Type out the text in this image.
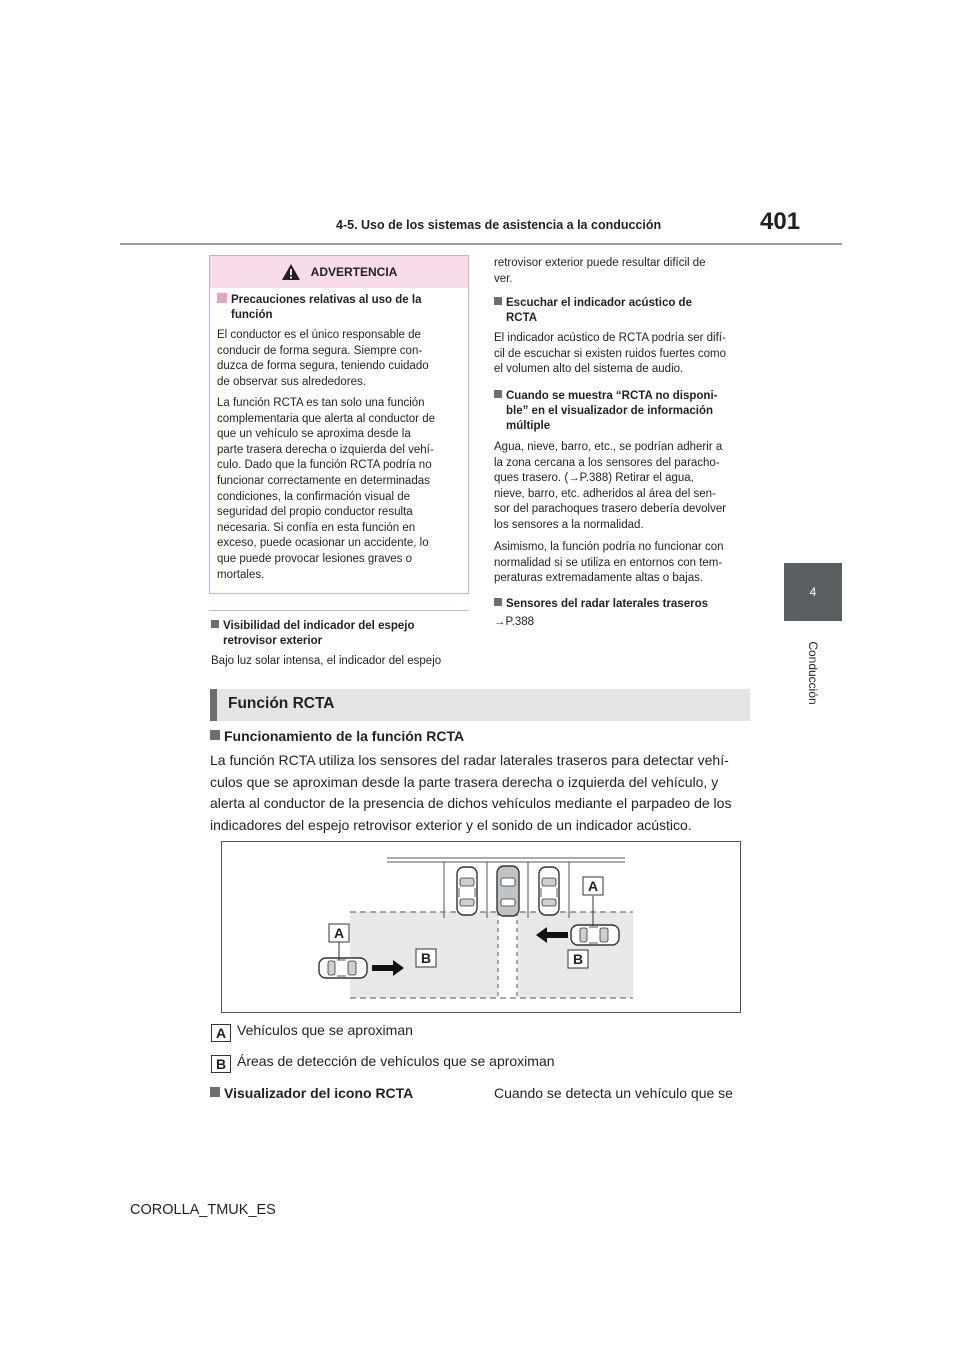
4-5. Uso de los sistemas de asistencia a la conducción	401
4
Conducción
ADVERTENCIA
Precauciones relativas al uso de la
función
El conductor es el único responsable de
conducir de forma segura. Siempre con-
duzca de forma segura, teniendo cuidado
de observar sus alrededores.
La función RCTA es tan solo una función
complementaria que alerta al conductor de
que un vehículo se aproxima desde la
parte trasera derecha o izquierda del vehí-
culo. Dado que la función RCTA podría no
funcionar correctamente en determinadas
condiciones, la confirmación visual de
seguridad del propio conductor resulta
necesaria. Si confía en esta función en
exceso, puede ocasionar un accidente, lo
que puede provocar lesiones graves o
mortales.
Visibilidad del indicador del espejo
retrovisor exterior
Bajo luz solar intensa, el indicador del espejo
retrovisor exterior puede resultar difícil de
ver.
Escuchar el indicador acústico de
RCTA
El indicador acústico de RCTA podría ser difí-
cil de escuchar si existen ruidos fuertes como
el volumen alto del sistema de audio.
Cuando se muestra “RCTA no disponi-
ble” en el visualizador de información
múltiple
Agua, nieve, barro, etc., se podrían adherir a
la zona cercana a los sensores del paracho-
ques trasero. (→P.388) Retirar el agua,
nieve, barro, etc. adheridos al área del sen-
sor del parachoques trasero debería devolver
los sensores a la normalidad.
Asimismo, la función podría no funcionar con
normalidad si se utiliza en entornos con tem-
peraturas extremadamente altas o bajas.
Sensores del radar laterales traseros
→P.388
Función RCTA
Funcionamiento de la función RCTA
La función RCTA utiliza los sensores del radar laterales traseros para detectar vehí-
culos que se aproximan desde la parte trasera derecha o izquierda del vehículo, y
alerta al conductor de la presencia de dichos vehículos mediante el parpadeo de los
indicadores del espejo retrovisor exterior y el sonido de un indicador acústico.
A
A
B	B
A Vehículos que se aproximan
B Áreas de detección de vehículos que se aproximan
Visualizador del icono RCTA	Cuando se detecta un vehículo que se
COROLLA_TMUK_ES
